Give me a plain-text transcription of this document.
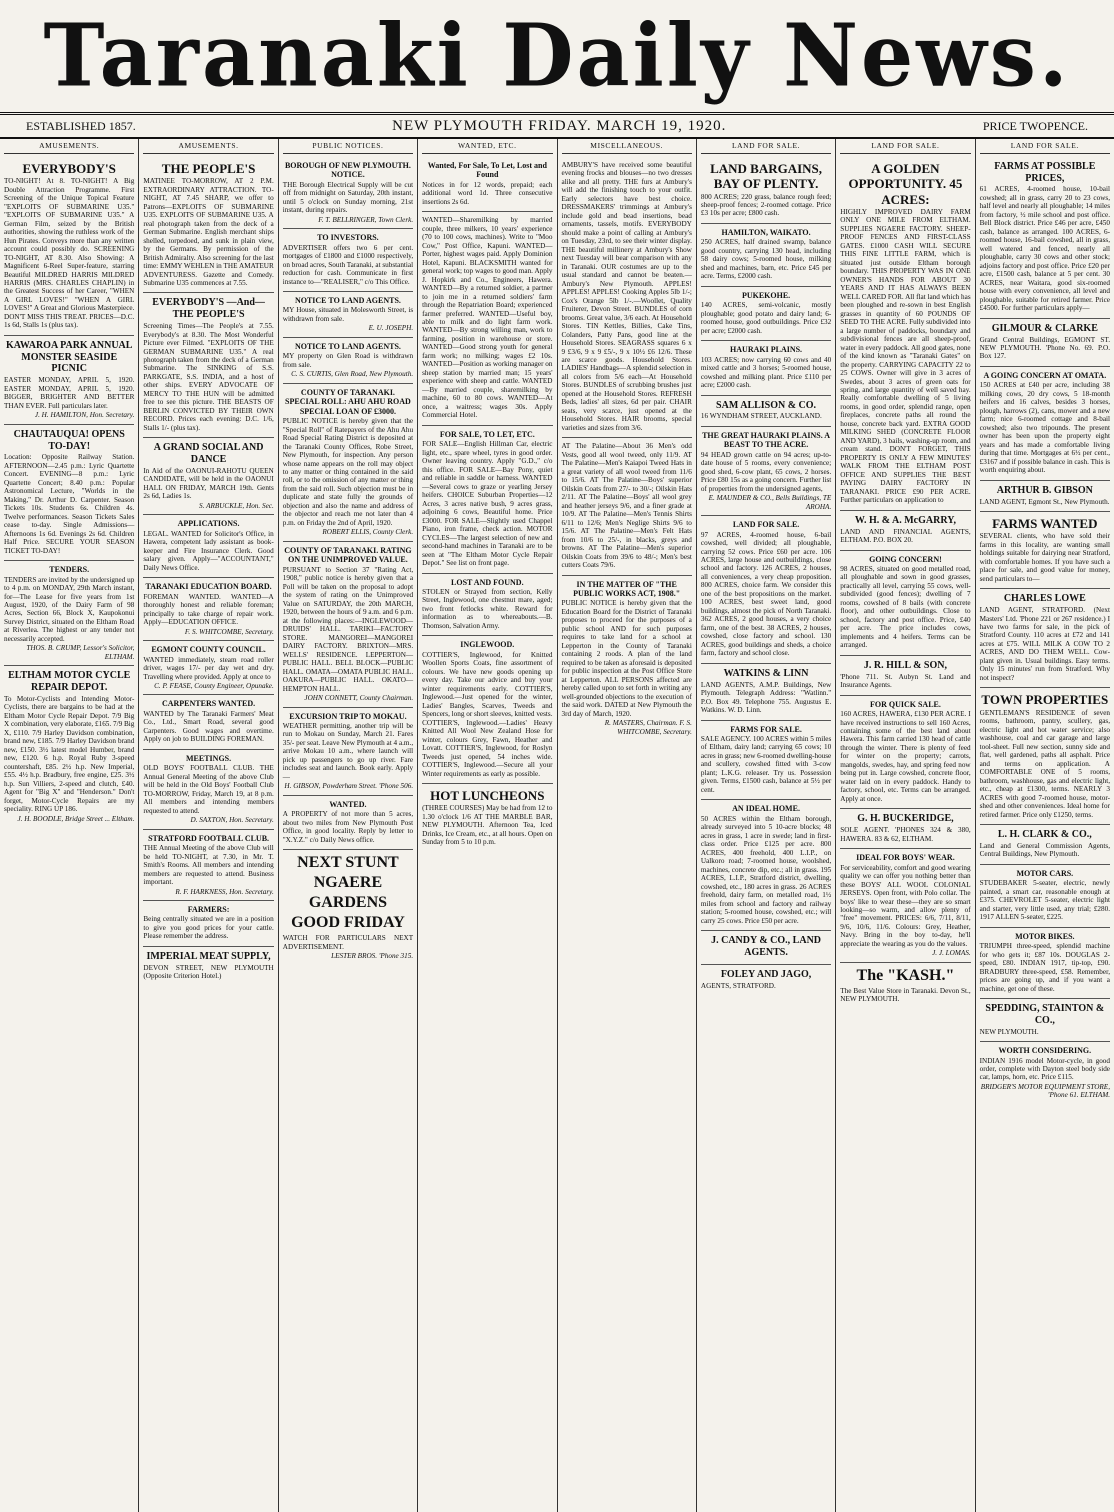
Taranaki Daily News.
ESTABLISHED 1857.	NEW PLYMOUTH FRIDAY. MARCH 19, 1920.	PRICE TWOPENCE.
AMUSEMENTS.
EVERYBODY'S
TO-NIGHT! At 8. TO-NIGHT! A Big Double Attraction Programme. First Screening of the Unique Topical Feature "EXPLOITS OF SUBMARINE U35." "EXPLOITS OF SUBMARINE U35." A German Film, seized by the British authorities, showing the ruthless work of the Hun Pirates. Conveys more than any written account could possibly do. SCREENING TO-NIGHT, AT 8.30. Also Showing: A Magnificent 6-Reel Super-feature, starring Beautiful MILDRED HARRIS MILDRED HARRIS (MRS. CHARLES CHAPLIN) in the Greatest Success of her Career, "WHEN A GIRL LOVES!" "WHEN A GIRL LOVES!" A Great and Glorious Masterpiece. DON'T MISS THIS TREAT. PRICES—D.C. 1s 6d, Stalls 1s (plus tax).
KAWAROA PARK ANNUAL MONSTER SEASIDE PICNIC
EASTER MONDAY, APRIL 5, 1920. EASTER MONDAY, APRIL 5, 1920. BIGGER, BRIGHTER AND BETTER THAN EVER. Full particulars later.
J. H. HAMILTON, Hon. Secretary.
CHAUTAUQUA! OPENS TO-DAY!
Location: Opposite Railway Station. AFTERNOON—2.45 p.m.: Lyric Quartette Concert. EVENING—8 p.m.: Lyric Quartette Concert; 8.40 p.m.: Popular Astronomical Lecture, "Worlds in the Making," Dr. Arthur D. Carpenter. Season Tickets 10s. Students 6s. Children 4s. Twelve performances. Season Tickets Sales cease to-day. Single Admissions—Afternoons 1s 6d. Evenings 2s 6d. Children Half Price. SECURE YOUR SEASON TICKET TO-DAY!
TENDERS.
TENDERS are invited by the undersigned up to 4 p.m. on MONDAY, 29th March instant, for—The Lease for five years from 1st August, 1920, of the Dairy Farm of 98 Acres, Section 66, Block X, Kaupokonui Survey District, situated on the Eltham Road at Riverlea. The highest or any tender not necessarily accepted.
THOS. B. CRUMP, Lessor's Solicitor, ELTHAM.
ELTHAM MOTOR CYCLE REPAIR DEPOT.
To Motor-Cyclists and Intending Motor-Cyclists, there are bargains to be had at the Eltham Motor Cycle Repair Depot. 7/9 Big X combination, very elaborate, £165. 7/9 Big X, £110. 7/9 Harley Davidson combination, brand new, £185. 7/9 Harley Davidson brand new, £150. 3½ latest model Humber, brand new, £120. 6 h.p. Royal Ruby 3-speed countershaft, £85. 2½ h.p. New Imperial, £55. 4½ h.p. Bradbury, free engine, £25. 3½ h.p. Sun Villiers, 2-speed and clutch, £40. Agent for "Big X" and "Henderson." Don't forget, Motor-Cycle Repairs are my speciality. RING UP 186.
J. H. BOODLE, Bridge Street ... Eltham.
AMUSEMENTS.
THE PEOPLE'S
MATINEE TO-MORROW, AT 2 P.M. EXTRAORDINARY ATTRACTION. TO-NIGHT, AT 7.45 SHARP, we offer to Patrons—EXPLOITS OF SUBMARINE U35. EXPLOITS OF SUBMARINE U35. A real photograph taken from the deck of a German Submarine. English merchant ships shelled, torpedoed, and sunk in plain view, by the Germans. By permission of the British Admiralty. Also screening for the last time: EMMY WEHLEN in THE AMATEUR ADVENTURESS. Gazette and Comedy. Submarine U35 commences at 7.55.
EVERYBODY'S —And— THE PEOPLE'S
Screening Times—The People's at 7.55. Everybody's at 8.30. The Most Wonderful Picture ever Filmed. "EXPLOITS OF THE GERMAN SUBMARINE U35." A real photograph taken from the deck of a German Submarine. The SINKING of S.S. PARKGATE, S.S. INDIA, and a host of other ships. EVERY ADVOCATE OF MERCY TO THE HUN will be admitted free to see this picture. THE BEASTS OF BERLIN CONVICTED BY THEIR OWN RECORD. Prices each evening: D.C. 1/6, Stalls 1/- (plus tax).
A GRAND SOCIAL AND DANCE
In Aid of the OAONUI-RAHOTU QUEEN CANDIDATE, will be held in the OAONUI HALL ON FRIDAY, MARCH 19th. Gents 2s 6d, Ladies 1s.
S. ARBUCKLE, Hon. Sec.
APPLICATIONS.
LEGAL. WANTED for Solicitor's Office, in Hawera, competent lady assistant as book-keeper and Fire Insurance Clerk. Good salary given. Apply—"ACCOUNTANT," Daily News Office.
TARANAKI EDUCATION BOARD.
FOREMAN WANTED. WANTED—A thoroughly honest and reliable foreman; principally to take charge of repair work. Apply—EDUCATION OFFICE.
F. S. WHITCOMBE, Secretary.
EGMONT COUNTY COUNCIL.
WANTED immediately, steam road roller driver, wages 17/- per day wet and dry. Travelling where provided. Apply at once to
C. P. FEASE, County Engineer, Opunake.
CARPENTERS WANTED.
WANTED by The Taranaki Farmers' Meat Co., Ltd., Smart Road, several good Carpenters. Good wages and overtime. Apply on job to BUILDING FOREMAN.
MEETINGS.
OLD BOYS' FOOTBALL CLUB. THE Annual General Meeting of the above Club will be held in the Old Boys' Football Club TO-MORROW, Friday, March 19, at 8 p.m. All members and intending members requested to attend.
D. SAXTON, Hon. Secretary.
STRATFORD FOOTBALL CLUB.
THE Annual Meeting of the above Club will be held TO-NIGHT, at 7.30, in Mr. T. Smith's Rooms. All members and intending members are requested to attend. Business important.
R. F. HARKNESS, Hon. Secretary.
FARMERS:
Being centrally situated we are in a position to give you good prices for your cattle. Please remember the address.
IMPERIAL MEAT SUPPLY,
DEVON STREET, NEW PLYMOUTH (Opposite Criterion Hotel.)
PUBLIC NOTICES.
BOROUGH OF NEW PLYMOUTH. NOTICE.
THE Borough Electrical Supply will be cut off from midnight on Saturday, 20th instant, until 5 o'clock on Sunday morning, 21st instant, during repairs.
F. T. BELLRINGER, Town Clerk.
TO INVESTORS.
ADVERTISER offers two 6 per cent. mortgages of £1800 and £1000 respectively, on broad acres, South Taranaki, at substantial reduction for cash. Communicate in first instance to—"REALISER," c/o This Office.
NOTICE TO LAND AGENTS.
MY House, situated in Molesworth Street, is withdrawn from sale.
E. U. JOSEPH.
NOTICE TO LAND AGENTS.
MY property on Glen Road is withdrawn from sale.
C. S. CURTIS, Glen Road, New Plymouth.
COUNTY OF TARANAKI. SPECIAL ROLL: AHU AHU ROAD SPECIAL LOAN OF £3000.
PUBLIC NOTICE is hereby given that the "Special Roll" of Ratepayers of the Ahu Ahu Road Special Rating District is deposited at the Taranaki County Offices, Robe Street, New Plymouth, for inspection. Any person whose name appears on the roll may object to any matter or thing contained in the said roll, or to the omission of any matter or thing from the said roll. Such objection must be in duplicate and state fully the grounds of objection and also the name and address of the objector and reach me not later than 4 p.m. on Friday the 2nd of April, 1920.
ROBERT ELLIS, County Clerk.
COUNTY OF TARANAKI. RATING ON THE UNIMPROVED VALUE.
PURSUANT to Section 37 "Rating Act, 1908," public notice is hereby given that a Poll will be taken on the proposal to adopt the system of rating on the Unimproved Value on SATURDAY, the 20th MARCH, 1920, between the hours of 9 a.m. and 6 p.m. at the following places:—INGLEWOOD—DRUIDS' HALL. TARIKI—FACTORY STORE. MANGOREI—MANGOREI DAIRY FACTORY. BRIXTON—MRS. WELLS' RESIDENCE. LEPPERTON—PUBLIC HALL. BELL BLOCK—PUBLIC HALL. OMATA—OMATA PUBLIC HALL. OAKURA—PUBLIC HALL. OKATO—HEMPTON HALL.
JOHN CONNETT, County Chairman.
EXCURSION TRIP TO MOKAU.
WEATHER permitting, another trip will be run to Mokau on Sunday, March 21. Fares 35/- per seat. Leave New Plymouth at 4 a.m., arrive Mokau 10 a.m., where launch will pick up passengers to go up river. Fare includes seat and launch. Book early. Apply—
H. GIBSON, Powderham Street. 'Phone 506.
WANTED.
A PROPERTY of not more than 5 acres, about two miles from New Plymouth Post Office, in good locality. Reply by letter to "X.Y.Z." c/o Daily News office.
NEXT STUNT NGAERE GARDENS GOOD FRIDAY
WATCH FOR PARTICULARS NEXT ADVERTISEMENT.
LESTER BROS. 'Phone 315.
WANTED, ETC.
Wanted, For Sale, To Let, Lost and Found
Notices in for 12 words, prepaid; each additional word 1d. Three consecutive insertions 2s 6d.
WANTED—Sharemilking by married couple, three milkers, 10 years' experience (70 to 100 cows, machines). Write to "Moo Cow," Post Office, Kapuni. WANTED—Porter, highest wages paid. Apply Dominion Hotel, Kapuni. BLACKSMITH wanted for general work; top wages to good man. Apply J. Hopkirk and Co., Engineers, Hawera. WANTED—By a returned soldier, a partner to join me in a returned soldiers' farm through the Repatriation Board; experienced farmer preferred. WANTED—Useful boy, able to milk and do light farm work. WANTED—By strong willing man, work to farming, position in warehouse or store. WANTED—Good strong youth for general farm work; no milking; wages £2 10s. WANTED—Position as working manager on sheep station by married man; 15 years' experience with sheep and cattle. WANTED—By married couple, sharemilking by machine, 60 to 80 cows. WANTED—At once, a waitress; wages 30s. Apply Commercial Hotel.
FOR SALE, TO LET, ETC.
FOR SALE—English Hillman Car, electric light, etc., spare wheel, tyres in good order. Owner leaving country. Apply "G.D.," c/o this office. FOR SALE—Bay Pony, quiet and reliable in saddle or harness. WANTED—Several cows to graze or yearling Jersey heifers. CHOICE Suburban Properties—12 Acres, 3 acres native bush, 9 acres grass, adjoining 6 cows, Beautiful home. Price £3000. FOR SALE—Slightly used Chappel Piano, iron frame, check action. MOTOR CYCLES—The largest selection of new and second-hand machines in Taranaki are to be seen at "The Eltham Motor Cycle Repair Depot." See list on front page.
LOST AND FOUND.
STOLEN or Strayed from section, Kelly Street, Inglewood, one chestnut mare, aged; two front fetlocks white. Reward for information as to whereabouts.—B. Thomson, Salvation Army.
INGLEWOOD.
COTTIER'S, Inglewood, for Knitted Woollen Sports Coats, fine assortment of colours. We have new goods opening up every day. Take our advice and buy your winter requirements early. COTTIER'S, Inglewood.—Just opened for the winter, Ladies' Bangles, Scarves, Tweeds and Spencers, long or short sleeves, knitted vests. COTTIER'S, Inglewood.—Ladies' Heavy Knitted All Wool New Zealand Hose for winter, colours Grey, Fawn, Heather and Lovatt. COTTIER'S, Inglewood, for Roslyn Tweeds just opened, 54 inches wide. COTTIER'S, Inglewood.—Secure all your Winter requirements as early as possible.
HOT LUNCHEONS
(THREE COURSES) May be had from 12 to 1.30 o'clock 1/6 AT THE MARBLE BAR, NEW PLYMOUTH. Afternoon Tea, Iced Drinks, Ice Cream, etc., at all hours. Open on Sunday from 5 to 10 p.m.
MISCELLANEOUS.
AMBURY'S have received some beautiful evening frocks and blouses—no two dresses alike and all pretty. THE furs at Ambury's will add the finishing touch to your outfit. Early selectors have best choice. DRESSMAKERS' trimmings at Ambury's include gold and bead insertions, bead ornaments, tassels, motifs. EVERYBODY should make a point of calling at Ambury's on Tuesday, 23rd, to see their winter display. THE beautiful millinery at Ambury's Show next Tuesday will bear comparison with any in Taranaki. OUR costumes are up to the usual standard and cannot be beaten.—Ambury's New Plymouth. APPLES! APPLES! APPLES! Cooking Apples 5lb 1/-; Cox's Orange 5lb 1/-.—Woollet, Quality Fruiterer, Devon Street. BUNDLES of corn brooms. Great value, 3/6 each. At Household Stores. TIN Kettles, Billies, Cake Tins, Colanders, Patty Pans, good line at the Household Stores. SEAGRASS squares 6 x 9 £3/6, 9 x 9 £5/-, 9 x 10½ £6 12/6. These are scarce goods. Household Stores. LADIES' Handbags—A splendid selection in all colors from 5/6 each—At Household Stores. BUNDLES of scrubbing brushes just opened at the Household Stores. REFRESH Beds, ladies' all sizes, 6d per pair. CHAIR seats, very scarce, just opened at the Household Stores. HAIR brooms, special varieties and sizes from 3/6.
AT The Palatine—About 36 Men's odd Vests, good all wool tweed, only 11/9. AT The Palatine—Men's Kaiapoi Tweed Hats in a great variety of all wool tweed from 11/6 to 15/6. AT The Palatine—Boys' superior Oilskin Coats from 27/- to 30/-; Oilskin Hats 2/11. AT The Palatine—Boys' all wool grey and heather jerseys 9/6, and a finer grade at 10/9. AT The Palatine—Men's Tennis Shirts 6/11 to 12/6; Men's Neglige Shirts 9/6 to 15/6. AT The Palatine—Men's Felt Hats from 10/6 to 25/-, in blacks, greys and browns. AT The Palatine—Men's superior Oilskin Coats from 39/6 to 48/-; Men's best cutters Coats 79/6.
IN THE MATTER OF "THE PUBLIC WORKS ACT, 1908."
PUBLIC NOTICE is hereby given that the Education Board for the District of Taranaki proposes to proceed for the purposes of a public school AND for such purposes requires to take land for a school at Lepperton in the County of Taranaki containing 2 roods. A plan of the land required to be taken as aforesaid is deposited for public inspection at the Post Office Store at Lepperton. ALL PERSONS affected are hereby called upon to set forth in writing any well-grounded objections to the execution of the said work. DATED at New Plymouth the 3rd day of March, 1920.
R. MASTERS, Chairman. F. S. WHITCOMBE, Secretary.
LAND FOR SALE.
LAND BARGAINS, BAY OF PLENTY.
800 ACRES; 220 grass, balance rough feed; sheep-proof fences; 2-roomed cottage. Price £3 10s per acre; £800 cash.
HAMILTON, WAIKATO.
250 ACRES, half drained swamp, balance good country, carrying 130 head, including 58 dairy cows; 5-roomed house, milking shed and machines, barn, etc. Price £45 per acre. Terms, £2000 cash.
PUKEKOHE.
140 ACRES, semi-volcanic, mostly ploughable; good potato and dairy land; 6-roomed house, good outbuildings. Price £32 per acre; £2000 cash.
HAURAKI PLAINS.
103 ACRES; now carrying 60 cows and 40 mixed cattle and 3 horses; 5-roomed house, cowshed and milking plant. Price £110 per acre; £2000 cash.
SAM ALLISON & CO.
16 WYNDHAM STREET, AUCKLAND.
THE GREAT HAURAKI PLAINS. A BEAST TO THE ACRE.
94 HEAD grown cattle on 94 acres; up-to-date house of 5 rooms, every convenience; good shed, 6-cow plant, 65 cows, 2 horses. Price £80 15s as a going concern. Further list of properties from the undersigned agents,
E. MAUNDER & CO., Bells Buildings, TE AROHA.
LAND FOR SALE.
97 ACRES, 4-roomed house, 6-bail cowshed, well divided; all ploughable, carrying 52 cows. Price £60 per acre. 106 ACRES, large house and outbuildings, close school and factory. 126 ACRES, 2 houses, all conveniences, a very cheap proposition. 800 ACRES, choice farm. We consider this one of the best propositions on the market. 100 ACRES, best sweet land, good buildings, almost the pick of North Taranaki. 362 ACRES, 2 good houses, a very choice farm, one of the best. 38 ACRES, 2 houses, cowshed, close factory and school. 130 ACRES, good buildings and sheds, a choice farm, factory and school close.
WATKINS & LINN
LAND AGENTS, A.M.P. Buildings, New Plymouth. Telegraph Address: "Watlinn." P.O. Box 49. Telephone 755. Augustus E. Watkins. W. D. Linn.
FARMS FOR SALE.
SALE AGENCY. 100 ACRES within 5 miles of Eltham, dairy land; carrying 65 cows; 10 acres in grass; new 6-roomed dwelling-house and scullery, cowshed fitted with 3-cow plant; L.K.G. releaser. Try us. Possession given. Terms, £1500 cash, balance at 5½ per cent.
AN IDEAL HOME.
50 ACRES within the Eltham borough, already surveyed into 5 10-acre blocks; 48 acres in grass, 1 acre in swede; land in first-class order. Price £125 per acre. 800 ACRES, 400 freehold, 400 L.I.P., on Ualkoro road; 7-roomed house, woolshed, machines, concrete dip, etc.; all in grass. 195 ACRES, L.I.P., Stratford district, dwelling, cowshed, etc., 180 acres in grass. 26 ACRES freehold, dairy farm, on metalled road, 1½ miles from school and factory and railway station; 5-roomed house, cowshed, etc.; will carry 25 cows. Price £50 per acre.
J. CANDY & CO., LAND AGENTS.
FOLEY AND JAGO,
AGENTS, STRATFORD.
LAND FOR SALE.
A GOLDEN OPPORTUNITY. 45 ACRES:
HIGHLY IMPROVED DAIRY FARM ONLY ONE MILE FROM ELTHAM. SUPPLIES NGAERE FACTORY. SHEEP-PROOF FENCES AND FIRST-CLASS GATES. £1000 CASH WILL SECURE THIS FINE LITTLE FARM, which is situated just outside Eltham borough boundary. THIS PROPERTY WAS IN ONE OWNER'S HANDS FOR ABOUT 30 YEARS AND IT HAS ALWAYS BEEN WELL CARED FOR. All flat land which has been ploughed and re-sown in best English grasses in quantity of 60 POUNDS OF SEED TO THE ACRE. Fully subdivided into a large number of paddocks, boundary and subdivisional fences are all sheep-proof, water in every paddock. All good gates, none of the kind known as "Taranaki Gates" on the property. CARRYING CAPACITY 22 to 25 COWS. Owner will give in 3 acres of Swedes, about 3 acres of green oats for spring, and large quantity of well saved hay. Really comfortable dwelling of 5 living rooms, in good order, splendid range, open fireplaces, concrete paths all round the house, concrete back yard. EXTRA GOOD MILKING SHED (CONCRETE FLOOR AND YARD), 3 bails, washing-up room, and cream stand. DON'T FORGET, THIS PROPERTY IS ONLY A FEW MINUTES' WALK FROM THE ELTHAM POST OFFICE AND SUPPLIES THE BEST PAYING DAIRY FACTORY IN TARANAKI. PRICE £90 PER ACRE. Further particulars on application to
W. H. & A. McGARRY,
LAND AND FINANCIAL AGENTS, ELTHAM. P.O. BOX 20.
GOING CONCERN!
98 ACRES, situated on good metalled road, all ploughable and sown in good grasses, practically all level, carrying 55 cows, well-subdivided (good fences); dwelling of 7 rooms, cowshed of 8 bails (with concrete floor), and other outbuildings. Close to school, factory and post office. Price, £40 per acre. The price includes cows, implements and 4 heifers. Terms can be arranged.
J. R. HILL & SON,
'Phone 711. St. Aubyn St. Land and Insurance Agents.
FOR QUICK SALE.
160 ACRES, HAWERA, £130 PER ACRE. I have received instructions to sell 160 Acres, containing some of the best land about Hawera. This farm carried 130 head of cattle through the winter. There is plenty of feed for winter on the property; carrots, mangolds, swedes, hay, and spring feed now being put in. Large cowshed, concrete floor, water laid on in every paddock. Handy to factory, school, etc. Terms can be arranged. Apply at once.
G. H. BUCKERIDGE,
SOLE AGENT. 'PHONES 324 & 380, HAWERA. 83 & 62, ELTHAM.
IDEAL FOR BOYS' WEAR.
For serviceability, comfort and good wearing quality we can offer you nothing better than these BOYS' ALL WOOL COLONIAL JERSEYS. Open front, with Polo collar. The boys' like to wear these—they are so smart looking—so warm, and allow plenty of "free" movement. PRICES: 6/6, 7/11, 8/11, 9/6, 10/6, 11/6. Colours: Grey, Heather, Navy. Bring in the boy to-day, he'll appreciate the wearing as you do the values.
J. J. LOMAS.
The "KASH."
The Best Value Store in Taranaki. Devon St., NEW PLYMOUTH.
LAND FOR SALE.
FARMS AT POSSIBLE PRICES,
61 ACRES, 4-roomed house, 10-bail cowshed; all in grass, carry 20 to 23 cows, half level and nearly all ploughable; 14 miles from factory, ½ mile school and post office. Bell Block district. Price £46 per acre, £450 cash, balance as arranged. 100 ACRES, 6-roomed house, 16-bail cowshed, all in grass, well watered and fenced, nearly all ploughable, carry 30 cows and other stock; adjoins factory and post office. Price £20 per acre, £1500 cash, balance at 5 per cent. 30 ACRES, near Waitara, good six-roomed house with every convenience, all level and ploughable, suitable for retired farmer. Price £4500. For further particulars apply—
GILMOUR & CLARKE
Grand Central Buildings, EGMONT ST. NEW PLYMOUTH. 'Phone No. 69. P.O. Box 127.
A GOING CONCERN AT OMATA.
150 ACRES at £40 per acre, including 38 milking cows, 20 dry cows, 5 18-month heifers and 16 calves, besides 3 horses, plough, harrows (2), cans, mower and a new farm; nice 6-roomed cottage and 8-bail cowshed; also two tripounds. The present owner has been upon the property eight years and has made a comfortable living during that time. Mortgages at 6½ per cent., £3167 and if possible balance in cash. This is worth enquiring about.
ARTHUR B. GIBSON
LAND AGENT, Egmont St., New Plymouth.
FARMS WANTED
SEVERAL clients, who have sold their farms in this locality, are wanting small holdings suitable for dairying near Stratford, with comfortable homes. If you have such a place for sale, and good value for money, send particulars to—
CHARLES LOWE
LAND AGENT, STRATFORD. (Next Masters' Ltd. 'Phone 221 or 267 residence.) I have two farms for sale, in the pick of Stratford County. 110 acres at £72 and 141 acres at £75. WILL MILK A COW TO 2 ACRES, AND DO THEM WELL. Cow-plant given in. Usual buildings. Easy terms. Only 15 minutes' run from Stratford. Why not inspect?
TOWN PROPERTIES
GENTLEMAN'S RESIDENCE of seven rooms, bathroom, pantry, scullery, gas, electric light and hot water service; also washhouse, coal and car garage and large tool-sheet. Full new section, sunny side and flat, well gardened, paths all asphalt. Price and terms on application. A COMFORTABLE ONE of 5 rooms, bathroom, washhouse, gas and electric light, etc., cheap at £1300, terms. NEARLY 3 ACRES with good 7-roomed house, motor-shed and other conveniences. Ideal home for retired farmer. Price only £1250, terms.
L. H. CLARK & CO.,
Land and General Commission Agents, Central Buildings, New Plymouth.
MOTOR CARS.
STUDEBAKER 5-seater, electric, newly painted, a smart car, reasonable enough at £375. CHEVROLET 5-seater, electric light and starter, very little used, any trial; £280. 1917 ALLEN 5-seater, £225.
MOTOR BIKES.
TRIUMPH three-speed, splendid machine for who gets it; £87 10s. DOUGLAS 2-speed, £80. INDIAN 1917, tip-top, £90. BRADBURY three-speed, £58. Remember, prices are going up, and if you want a machine, get one of these.
SPEDDING, STAINTON & CO.,
NEW PLYMOUTH.
WORTH CONSIDERING.
INDIAN 1916 model Motor-cycle, in good order, complete with Dayton steel body side car, lamps, horn, etc. Price £115.
BRIDGER'S MOTOR EQUIPMENT STORE, 'Phone 61. ELTHAM.
